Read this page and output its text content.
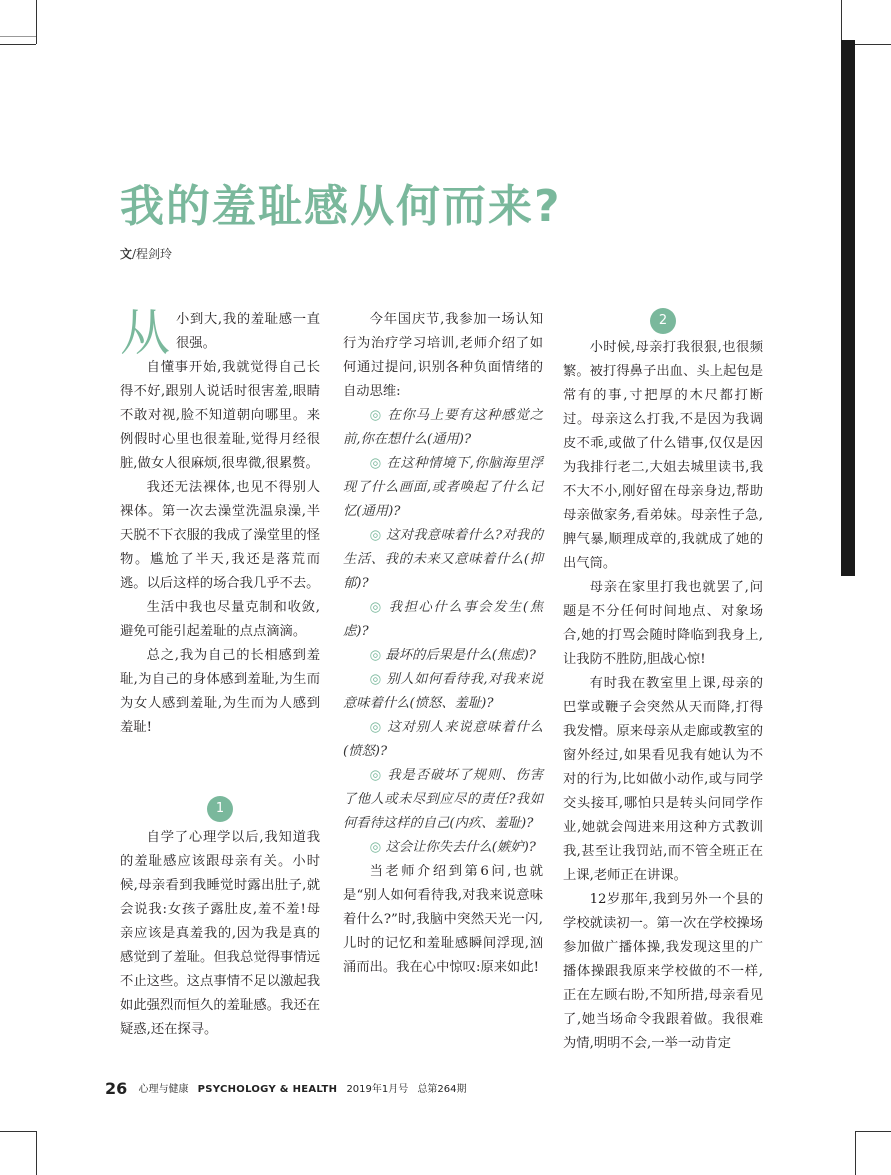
我的羞耻感从何而来?
文/程剑玲
从 小到大,我的羞耻感一直很强。

自懂事开始,我就觉得自己长得不好,跟别人说话时很害羞,眼睛不敢对视,脸不知道朝向哪里。来例假时心里也很羞耻,觉得月经很脏,做女人很麻烦,很卑微,很累赘。

我还无法裸体,也见不得别人裸体。第一次去澡堂洗温泉澡,半天脱不下衣服的我成了澡堂里的怪物。尴尬了半天,我还是落荒而逃。以后这样的场合我几乎不去。

生活中我也尽量克制和收敛,避免可能引起羞耻的点点滴滴。

总之,我为自己的长相感到羞耻,为自己的身体感到羞耻,为生而为女人感到羞耻,为生而为人感到羞耻!

1

自学了心理学以后,我知道我的羞耻感应该跟母亲有关。小时候,母亲看到我睡觉时露出肚子,就会说我:女孩子露肚皮,羞不羞!母亲应该是真羞我的,因为我是真的感觉到了羞耻。但我总觉得事情远不止这些。这点事情不足以激起我如此强烈而恒久的羞耻感。我还在疑惑,还在探寻。

今年国庆节,我参加一场认知行为治疗学习培训,老师介绍了如何通过提问,识别各种负面情绪的自动思维:

◎ 在你马上要有这种感觉之前,你在想什么(通用)?

◎ 在这种情境下,你脑海里浮现了什么画面,或者唤起了什么记忆(通用)?

◎ 这对我意味着什么?对我的生活、我的未来又意味着什么(抑郁)?

◎ 我担心什么事会发生(焦虑)?

◎ 最坏的后果是什么(焦虑)?

◎ 别人如何看待我,对我来说意味着什么(愤怒、羞耻)?

◎ 这对别人来说意味着什么(愤怒)?

◎ 我是否破坏了规则、伤害了他人或未尽到应尽的责任?我如何看待这样的自己(内疚、羞耻)?

◎ 这会让你失去什么(嫉妒)?

当老师介绍到第6问,也就是“别人如何看待我,对我来说意味着什么?”时,我脑中突然天光一闪,儿时的记忆和羞耻感瞬间浮现,汹涌而出。我在心中惊叹:原来如此!

2

小时候,母亲打我很狠,也很频繁。被打得鼻子出血、头上起包是常有的事,寸把厚的木尺都打断过。母亲这么打我,不是因为我调皮不乖,或做了什么错事,仅仅是因为我排行老二,大姐去城里读书,我不大不小,刚好留在母亲身边,帮助母亲做家务,看弟妹。母亲性子急,脾气暴,顺理成章的,我就成了她的出气筒。

母亲在家里打我也就罢了,问题是不分任何时间地点、对象场合,她的打骂会随时降临到我身上,让我防不胜防,胆战心惊!

有时我在教室里上课,母亲的巴掌或鞭子会突然从天而降,打得我发懵。原来母亲从走廊或教室的窗外经过,如果看见我有她认为不对的行为,比如做小动作,或与同学交头接耳,哪怕只是转头问同学作业,她就会闯进来用这种方式教训我,甚至让我罚站,而不管全班正在上课,老师正在讲课。

12岁那年,我到另外一个县的学校就读初一。第一次在学校操场参加做广播体操,我发现这里的广播体操跟我原来学校做的不一样,正在左顾右盼,不知所措,母亲看见了,她当场命令我跟着做。我很难为情,明明不会,一举一动肯定

26 心理与健康 PSYCHOLOGY & HEALTH 2019年1月号 总第264期
